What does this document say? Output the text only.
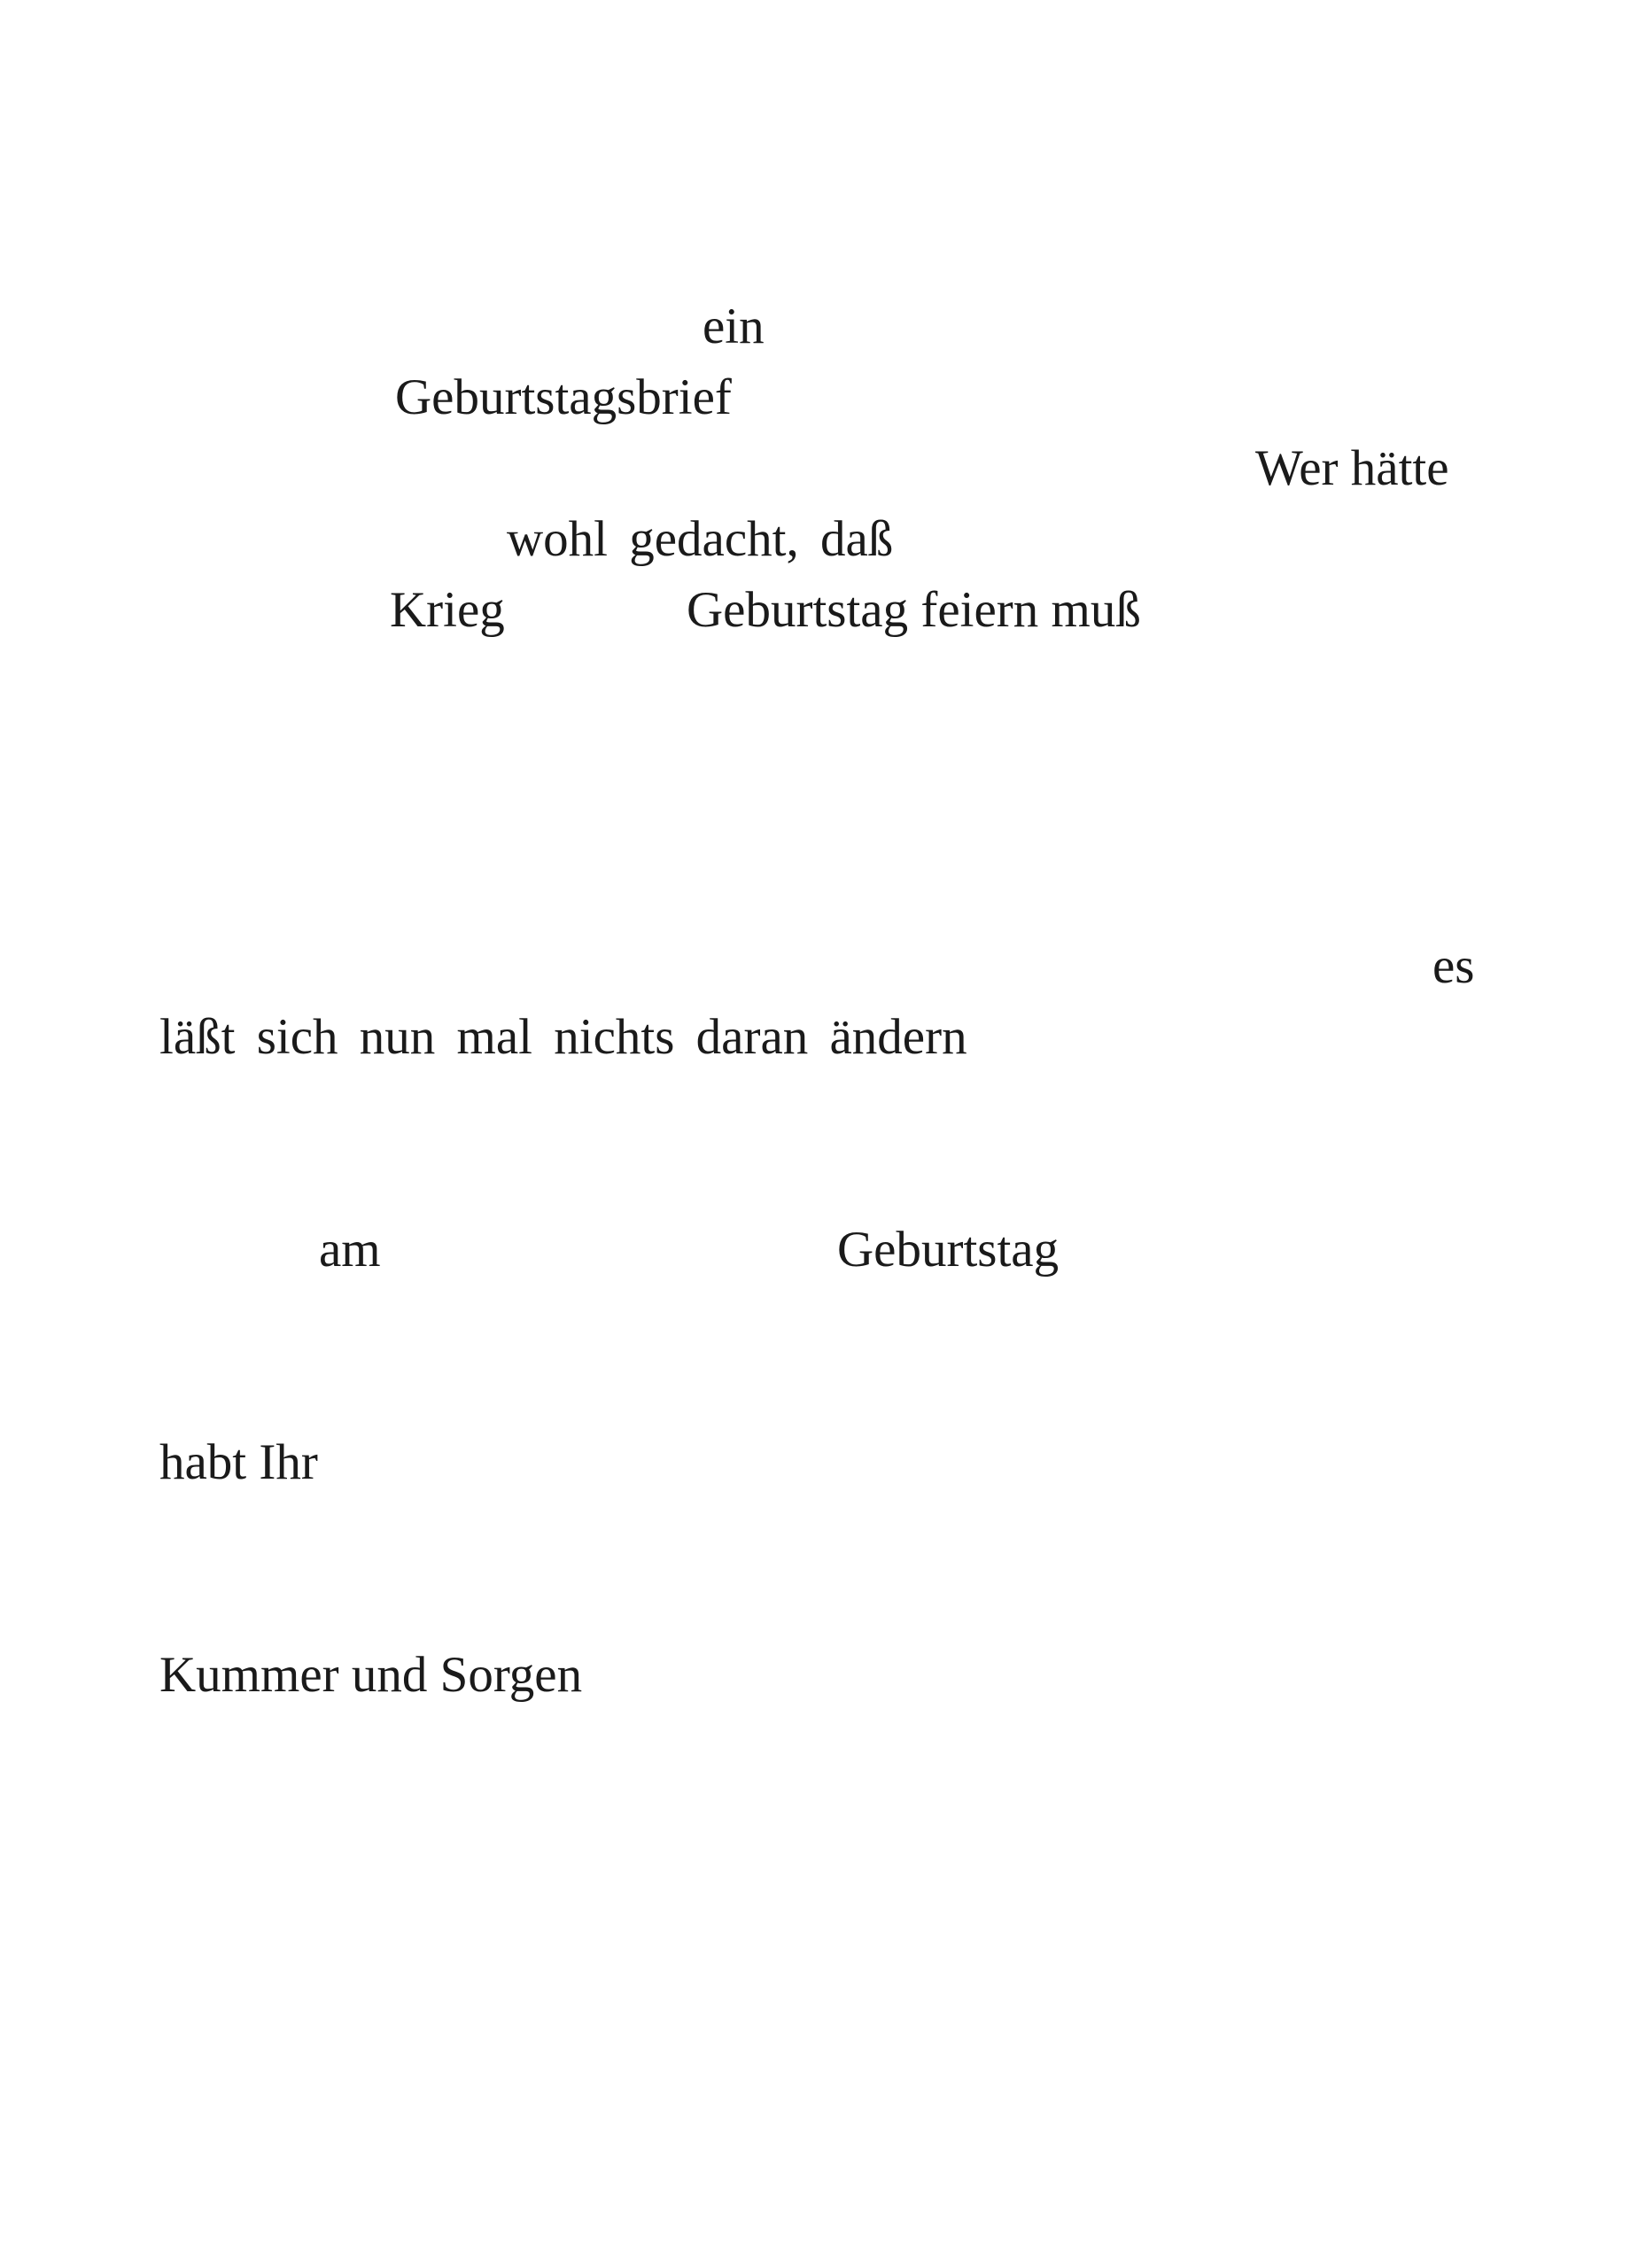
ein
Geburtstagsbrief
Wer hätte
wohl gedacht, daß
Krieg	Geburtstag feiern muß
es
läßt sich nun mal nichts daran ändern
am	Geburtstag
habt Ihr
Kummer und Sorgen
